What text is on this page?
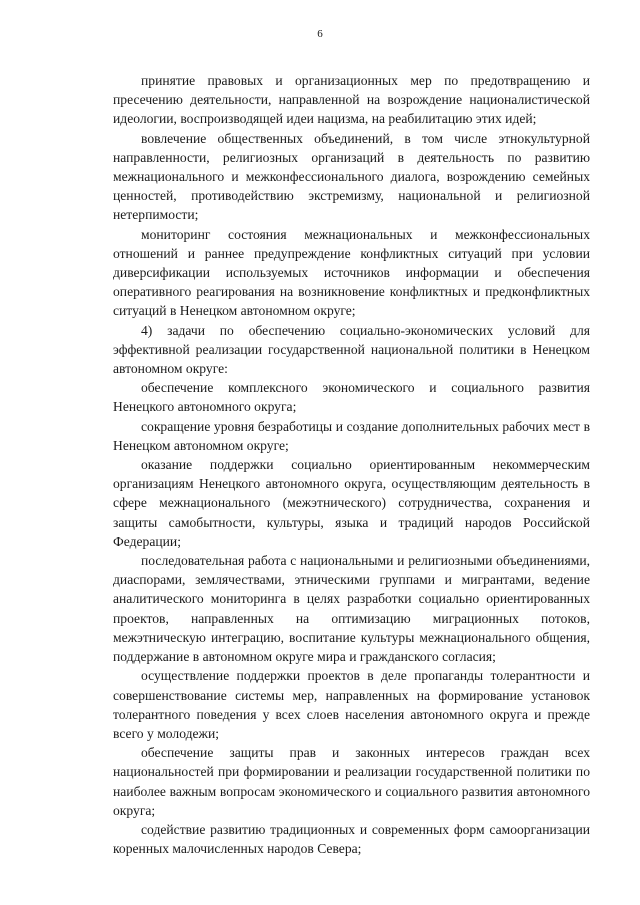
6

принятие правовых и организационных мер по предотвращению и пресечению деятельности, направленной на возрождение националистической идеологии, воспроизводящей идеи нацизма, на реабилитацию этих идей;

вовлечение общественных объединений, в том числе этнокультурной направленности, религиозных организаций в деятельность по развитию межнационального и межконфессионального диалога, возрождению семейных ценностей, противодействию экстремизму, национальной и религиозной нетерпимости;

мониторинг состояния межнациональных и межконфессиональных отношений и раннее предупреждение конфликтных ситуаций при условии диверсификации используемых источников информации и обеспечения оперативного реагирования на возникновение конфликтных и предконфликтных ситуаций в Ненецком автономном округе;

4) задачи по обеспечению социально-экономических условий для эффективной реализации государственной национальной политики в Ненецком автономном округе:

обеспечение комплексного экономического и социального развития Ненецкого автономного округа;

сокращение уровня безработицы и создание дополнительных рабочих мест в Ненецком автономном округе;

оказание поддержки социально ориентированным некоммерческим организациям Ненецкого автономного округа, осуществляющим деятельность в сфере межнационального (межэтнического) сотрудничества, сохранения и защиты самобытности, культуры, языка и традиций народов Российской Федерации;

последовательная работа с национальными и религиозными объединениями, диаспорами, землячествами, этническими группами и мигрантами, ведение аналитического мониторинга в целях разработки социально ориентированных проектов, направленных на оптимизацию миграционных потоков, межэтническую интеграцию, воспитание культуры межнационального общения, поддержание в автономном округе мира и гражданского согласия;

осуществление поддержки проектов в деле пропаганды толерантности и совершенствование системы мер, направленных на формирование установок толерантного поведения у всех слоев населения автономного округа и прежде всего у молодежи;

обеспечение защиты прав и законных интересов граждан всех национальностей при формировании и реализации государственной политики по наиболее важным вопросам экономического и социального развития автономного округа;

содействие развитию традиционных и современных форм самоорганизации коренных малочисленных народов Севера;
